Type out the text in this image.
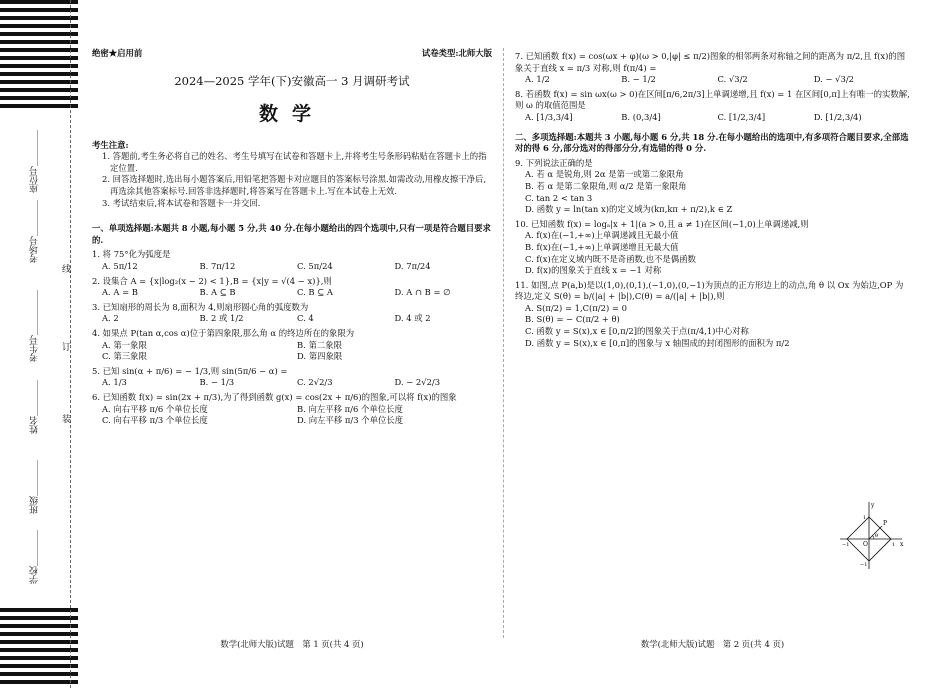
座位号＿＿＿＿
考场号＿＿＿＿
考生号＿＿＿＿＿
姓名＿＿＿＿
班级＿＿＿＿
学校＿＿＿＿
线
订
装
绝密★启用前	试卷类型:北师大版
2024—2025 学年(下)安徽高一 3 月调研考试
数学
考生注意:
1. 答题前,考生务必将自己的姓名、考生号填写在试卷和答题卡上,并将考生号条形码粘贴在答题卡上的指定位置.
2. 回答选择题时,选出每小题答案后,用铅笔把答题卡对应题目的答案标号涂黑.如需改动,用橡皮擦干净后,再选涂其他答案标号.回答非选择题时,将答案写在答题卡上.写在本试卷上无效.
3. 考试结束后,将本试卷和答题卡一并交回.
一、单项选择题:本题共 8 小题,每小题 5 分,共 40 分.在每小题给出的四个选项中,只有一项是符合题目要求的.
1. 将 75°化为弧度是
A. 5π/12	B. 7π/12	C. 5π/24	D. 7π/24
2. 设集合 A = {x|log₂(x − 2) < 1},B = {x|y = √(4 − x)},则
A. A = B	B. A ⊆ B	C. B ⊆ A	D. A ∩ B = ∅
3. 已知扇形的周长为 8,面积为 4,则扇形圆心角的弧度数为
A. 2	B. 2 或 1/2	C. 4	D. 4 或 2
4. 如果点 P(tan α,cos α)位于第四象限,那么角 α 的终边所在的象限为
A. 第一象限	B. 第二象限
C. 第三象限	D. 第四象限
5. 已知 sin(α + π/6) = − 1/3,则 sin(5π/6 − α) =
A. 1/3	B. − 1/3	C. 2√2/3	D. − 2√2/3
6. 已知函数 f(x) = sin(2x + π/3),为了得到函数 g(x) = cos(2x + π/6)的图象,可以将 f(x)的图象
A. 向右平移 π/6 个单位长度	B. 向左平移 π/6 个单位长度
C. 向右平移 π/3 个单位长度	D. 向左平移 π/3 个单位长度
7. 已知函数 f(x) = cos(ωx + φ)(ω > 0,|φ| ≤ π/2)图象的相邻两条对称轴之间的距离为 π/2,且 f(x)的图象关于直线 x = π/3 对称,则 f(π/4) =
A. 1/2	B. − 1/2	C. √3/2	D. − √3/2
8. 若函数 f(x) = sin ωx(ω > 0)在区间[π/6,2π/3]上单调递增,且 f(x) = 1 在区间[0,π]上有唯一的实数解,则 ω 的取值范围是
A. [1/3,3/4]	B. (0,3/4]	C. [1/2,3/4]	D. [1/2,3/4)
二、多项选择题:本题共 3 小题,每小题 6 分,共 18 分.在每小题给出的选项中,有多项符合题目要求,全部选对的得 6 分,部分选对的得部分分,有选错的得 0 分.
9. 下列说法正确的是
A. 若 α 是锐角,则 2α 是第一或第二象限角
B. 若 α 是第二象限角,则 α/2 是第一象限角
C. tan 2 < tan 3
D. 函数 y = ln(tan x)的定义域为(kπ,kπ + π/2),k ∈ Z
10. 已知函数 f(x) = logₐ|x + 1|(a > 0,且 a ≠ 1)在区间(−1,0)上单调递减,则
A. f(x)在(−1,+∞)上单调递减且无最小值
B. f(x)在(−1,+∞)上单调递增且无最大值
C. f(x)在定义域内既不是奇函数,也不是偶函数
D. f(x)的图象关于直线 x = −1 对称
11. 如图,点 P(a,b)是以(1,0),(0,1),(−1,0),(0,−1)为顶点的正方形边上的动点,角 θ 以 Ox 为始边,OP 为终边,定义 S(θ) = b/(|a| + |b|),C(θ) = a/(|a| + |b|),则
A. S(π/2) = 1,C(π/2) = 0
B. S(θ) = − C(π/2 + θ)
C. 函数 y = S(x),x ∈ [0,π/2]的图象关于点(π/4,1)中心对称
D. 函数 y = S(x),x ∈ [0,π]的图象与 x 轴围成的封闭图形的面积为 π/2
y
x
O
P
θ
1
1
−1
−1
数学(北师大版)试题　第 1 页(共 4 页)	数学(北师大版)试题　第 2 页(共 4 页)
